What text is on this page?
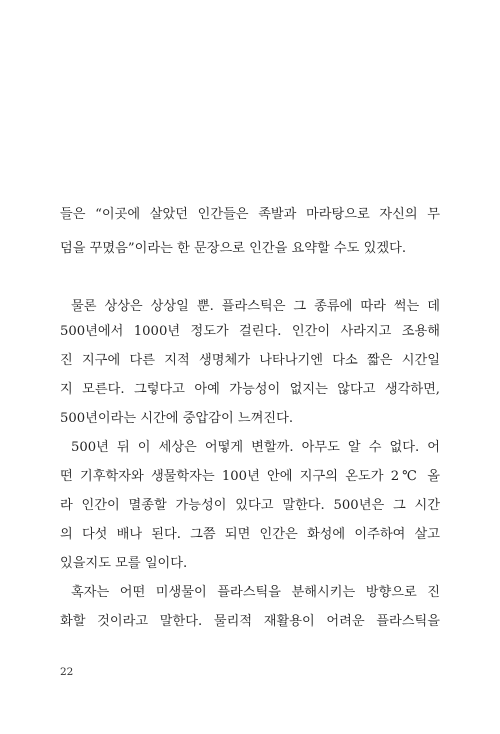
들은 “이곳에 살았던 인간들은 족발과 마라탕으로 자신의 무
덤을 꾸몄음”이라는 한 문장으로 인간을 요약할 수도 있겠다.
물론 상상은 상상일 뿐. 플라스틱은 그 종류에 따라 썩는 데
500년에서 1000년 정도가 걸린다. 인간이 사라지고 조용해
진 지구에 다른 지적 생명체가 나타나기엔 다소 짧은 시간일
지 모른다. 그렇다고 아예 가능성이 없지는 않다고 생각하면,
500년이라는 시간에 중압감이 느껴진다.
500년 뒤 이 세상은 어떻게 변할까. 아무도 알 수 없다. 어
떤 기후학자와 생물학자는 100년 안에 지구의 온도가 2℃ 올
라 인간이 멸종할 가능성이 있다고 말한다. 500년은 그 시간
의 다섯 배나 된다. 그쯤 되면 인간은 화성에 이주하여 살고
있을지도 모를 일이다.
혹자는 어떤 미생물이 플라스틱을 분해시키는 방향으로 진
화할 것이라고 말한다. 물리적 재활용이 어려운 플라스틱을
22
